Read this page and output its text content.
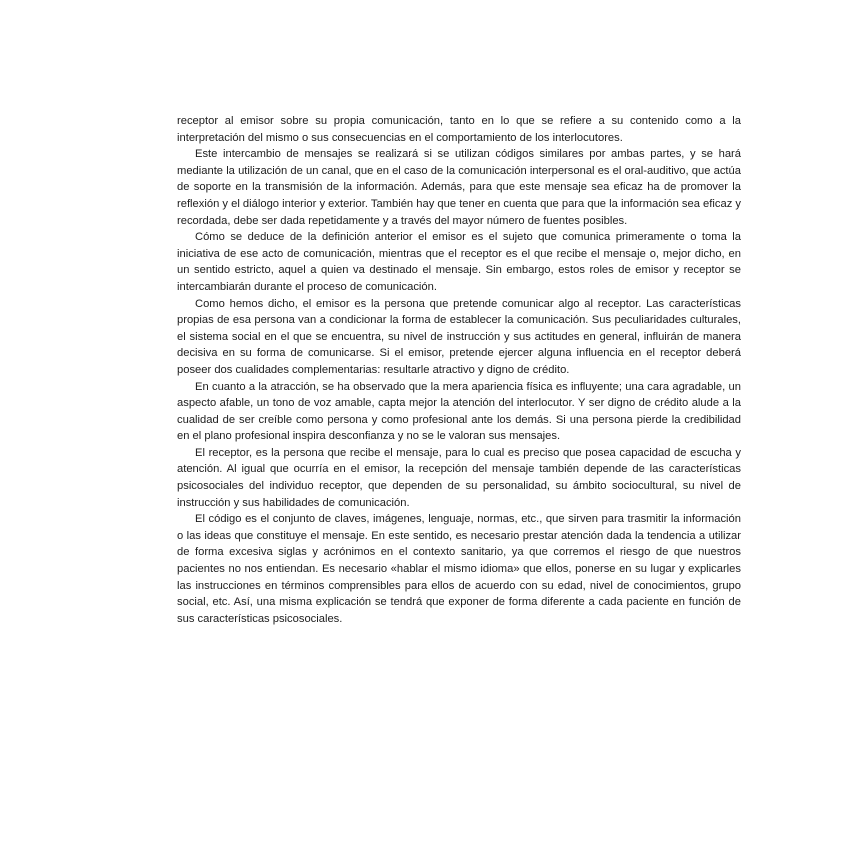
receptor al emisor sobre su propia comunicación, tanto en lo que se refiere a su contenido como a la interpretación del mismo o sus consecuencias en el comportamiento de los interlocutores.

Este intercambio de mensajes se realizará si se utilizan códigos similares por ambas partes, y se hará mediante la utilización de un canal, que en el caso de la comunicación interpersonal es el oral-auditivo, que actúa de soporte en la transmisión de la información. Además, para que este mensaje sea eficaz ha de promover la reflexión y el diálogo interior y exterior. También hay que tener en cuenta que para que la información sea eficaz y recordada, debe ser dada repetidamente y a través del mayor número de fuentes posibles.

Cómo se deduce de la definición anterior el emisor es el sujeto que comunica primeramente o toma la iniciativa de ese acto de comunicación, mientras que el receptor es el que recibe el mensaje o, mejor dicho, en un sentido estricto, aquel a quien va destinado el mensaje. Sin embargo, estos roles de emisor y receptor se intercambiarán durante el proceso de comunicación.

Como hemos dicho, el emisor es la persona que pretende comunicar algo al receptor. Las características propias de esa persona van a condicionar la forma de establecer la comunicación. Sus peculiaridades culturales, el sistema social en el que se encuentra, su nivel de instrucción y sus actitudes en general, influirán de manera decisiva en su forma de comunicarse. Si el emisor, pretende ejercer alguna influencia en el receptor deberá poseer dos cualidades complementarias: resultarle atractivo y digno de crédito.

En cuanto a la atracción, se ha observado que la mera apariencia física es influyente; una cara agradable, un aspecto afable, un tono de voz amable, capta mejor la atención del interlocutor. Y ser digno de crédito alude a la cualidad de ser creíble como persona y como profesional ante los demás. Si una persona pierde la credibilidad en el plano profesional inspira desconfianza y no se le valoran sus mensajes.

El receptor, es la persona que recibe el mensaje, para lo cual es preciso que posea capacidad de escucha y atención. Al igual que ocurría en el emisor, la recepción del mensaje también depende de las características psicosociales del individuo receptor, que dependen de su personalidad, su ámbito sociocultural, su nivel de instrucción y sus habilidades de comunicación.

El código es el conjunto de claves, imágenes, lenguaje, normas, etc., que sirven para trasmitir la información o las ideas que constituye el mensaje. En este sentido, es necesario prestar atención dada la tendencia a utilizar de forma excesiva siglas y acrónimos en el contexto sanitario, ya que corremos el riesgo de que nuestros pacientes no nos entiendan. Es necesario «hablar el mismo idioma» que ellos, ponerse en su lugar y explicarles las instrucciones en términos comprensibles para ellos de acuerdo con su edad, nivel de conocimientos, grupo social, etc. Así, una misma explicación se tendrá que exponer de forma diferente a cada paciente en función de sus características psicosociales.
